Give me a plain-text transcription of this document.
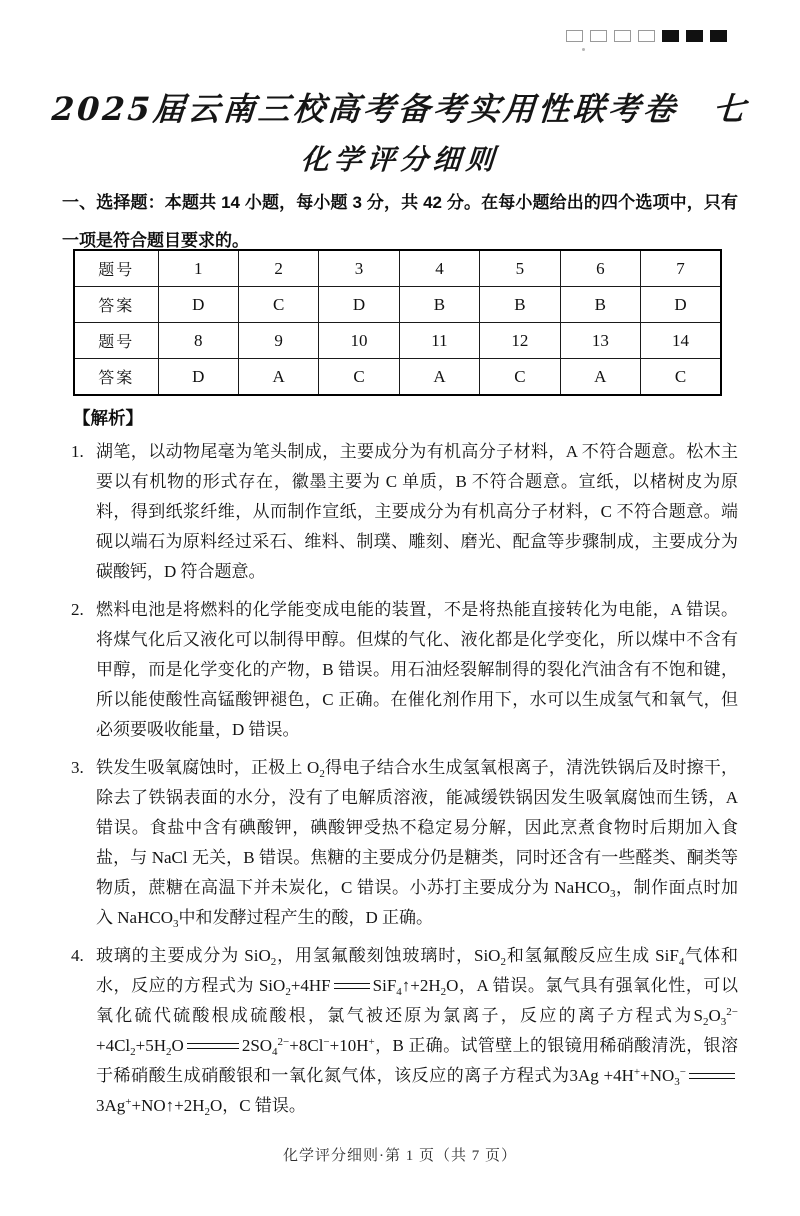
2025届云南三校高考备考实用性联考卷　七
化学评分细则
一、选择题：本题共 14 小题，每小题 3 分，共 42 分。在每小题给出的四个选项中，只有一项是符合题目要求的。
题号	1	2	3	4	5	6	7
答案	D	C	D	B	B	B	D
题号	8	9	10	11	12	13	14
答案	D	A	C	A	C	A	C
【解析】
1. 湖笔，以动物尾毫为笔头制成，主要成分为有机高分子材料，A 不符合题意。松木主要以有机物的形式存在，徽墨主要为 C 单质，B 不符合题意。宣纸，以楮树皮为原料，得到纸浆纤维，从而制作宣纸，主要成分为有机高分子材料，C 不符合题意。端砚以端石为原料经过采石、维料、制璞、雕刻、磨光、配盒等步骤制成，主要成分为碳酸钙，D 符合题意。
2. 燃料电池是将燃料的化学能变成电能的装置，不是将热能直接转化为电能，A 错误。将煤气化后又液化可以制得甲醇。但煤的气化、液化都是化学变化，所以煤中不含有甲醇，而是化学变化的产物，B 错误。用石油烃裂解制得的裂化汽油含有不饱和键，所以能使酸性高锰酸钾褪色，C 正确。在催化剂作用下，水可以生成氢气和氧气，但必须要吸收能量，D 错误。
3. 铁发生吸氧腐蚀时，正极上 $O_2$得电子结合水生成氢氧根离子，清洗铁锅后及时擦干，除去了铁锅表面的水分，没有了电解质溶液，能减缓铁锅因发生吸氧腐蚀而生锈，A 错误。食盐中含有碘酸钾，碘酸钾受热不稳定易分解，因此烹煮食物时后期加入食盐，与 NaCl 无关，B 错误。焦糖的主要成分仍是糖类，同时还含有一些醛类、酮类等物质，蔗糖在高温下并未炭化，C 错误。小苏打主要成分为 NaHCO$_3$，制作面点时加入 NaHCO$_3$中和发酵过程产生的酸，D 正确。
4. 玻璃的主要成分为 SiO$_2$，用氢氟酸刻蚀玻璃时，SiO$_2$和氢氟酸反应生成 SiF$_4$气体和水，反应的方程式为 SiO$_2$+4HF $SiF_4↑+2H_2O$，A 错误。氯气具有强氧化性，可以氧化硫代硫酸根成硫酸根，氯气被还原为氯离子，反应的离子方程式为$S_2O_3^{2-}+4Cl_2+5H_2O$	$2SO_4^{2-}+8Cl^-+10H^+$，B 正确。试管壁上的银镜用稀硝酸清洗，银溶于稀硝酸生成硝酸银和一氧化氮气体，该反应的离子方程式为$3Ag +4H^++NO_3^-3Ag^++NO↑+2H_2O$，C 错误。
化学评分细则·第 1 页（共 7 页）
